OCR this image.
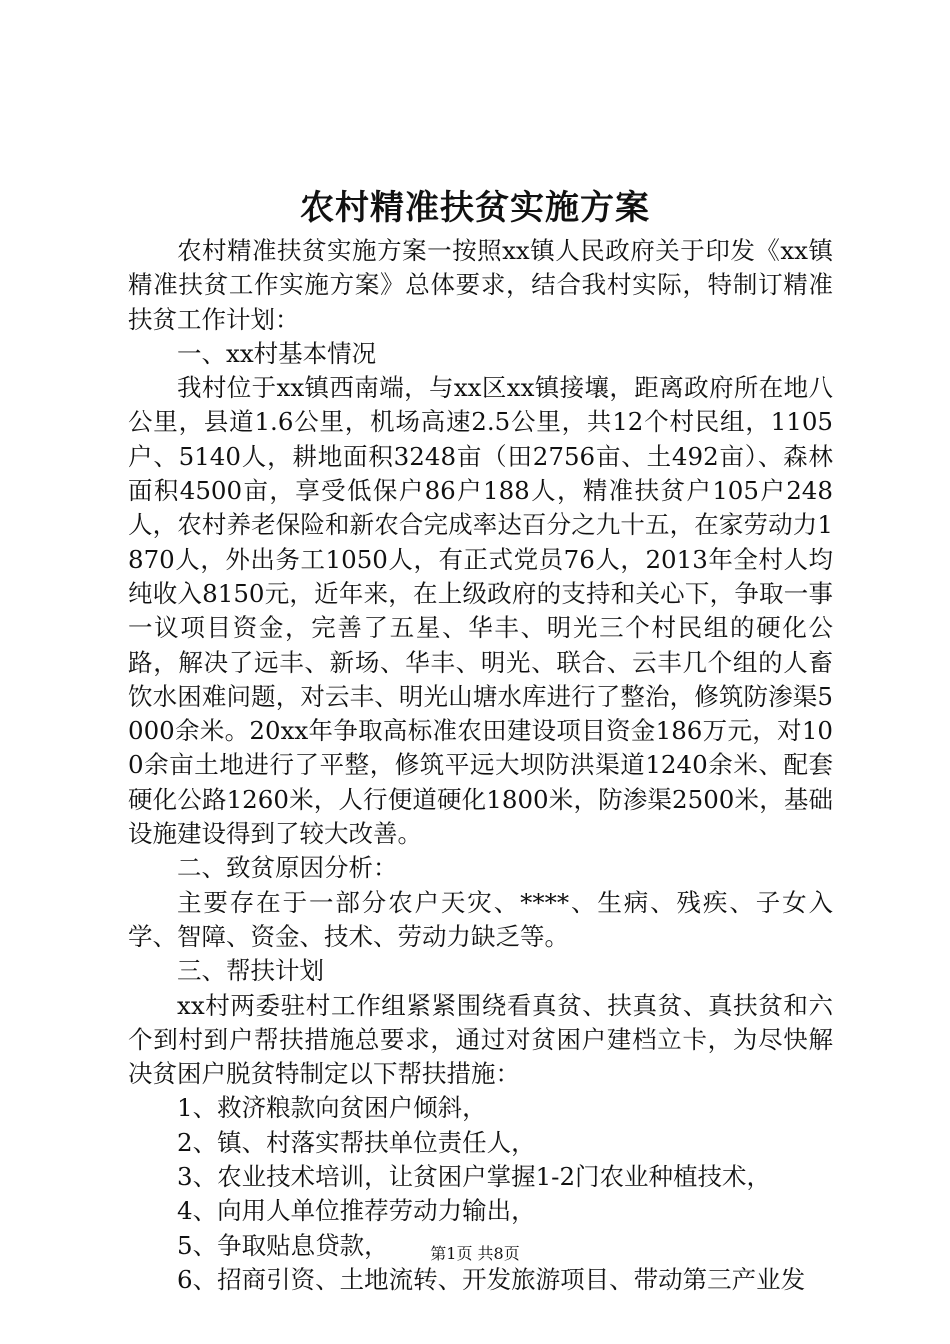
农村精准扶贫实施方案

农村精准扶贫实施方案一按照xx镇人民政府关于印发《xx镇精准扶贫工作实施方案》总体要求，结合我村实际，特制订精准扶贫工作计划：

一、xx村基本情况

我村位于xx镇西南端，与xx区xx镇接壤，距离政府所在地八公里，县道1.6公里，机场高速2.5公里，共12个村民组，1105户、5140人，耕地面积3248亩（田2756亩、土492亩）、森林面积4500亩，享受低保户86户188人，精准扶贫户105户248人，农村养老保险和新农合完成率达百分之九十五，在家劳动力1870人，外出务工1050人，有正式党员76人，2013年全村人均纯收入8150元，近年来，在上级政府的支持和关心下，争取一事一议项目资金，完善了五星、华丰、明光三个村民组的硬化公路，解决了远丰、新场、华丰、明光、联合、云丰几个组的人畜饮水困难问题，对云丰、明光山塘水库进行了整治，修筑防渗渠5000余米。20xx年争取高标准农田建设项目资金186万元，对100余亩土地进行了平整，修筑平远大坝防洪渠道1240余米、配套硬化公路1260米，人行便道硬化1800米，防渗渠2500米，基础设施建设得到了较大改善。

二、致贫原因分析：

主要存在于一部分农户天灾、****、生病、残疾、子女入学、智障、资金、技术、劳动力缺乏等。

三、帮扶计划

xx村两委驻村工作组紧紧围绕看真贫、扶真贫、真扶贫和六个到村到户帮扶措施总要求，通过对贫困户建档立卡，为尽快解决贫困户脱贫特制定以下帮扶措施：

1、救济粮款向贫困户倾斜，

2、镇、村落实帮扶单位责任人，

3、农业技术培训，让贫困户掌握1-2门农业种植技术，

4、向用人单位推荐劳动力输出，

5、争取贴息贷款，

6、招商引资、土地流转、开发旅游项目、带动第三产业发

第1页 共8页
